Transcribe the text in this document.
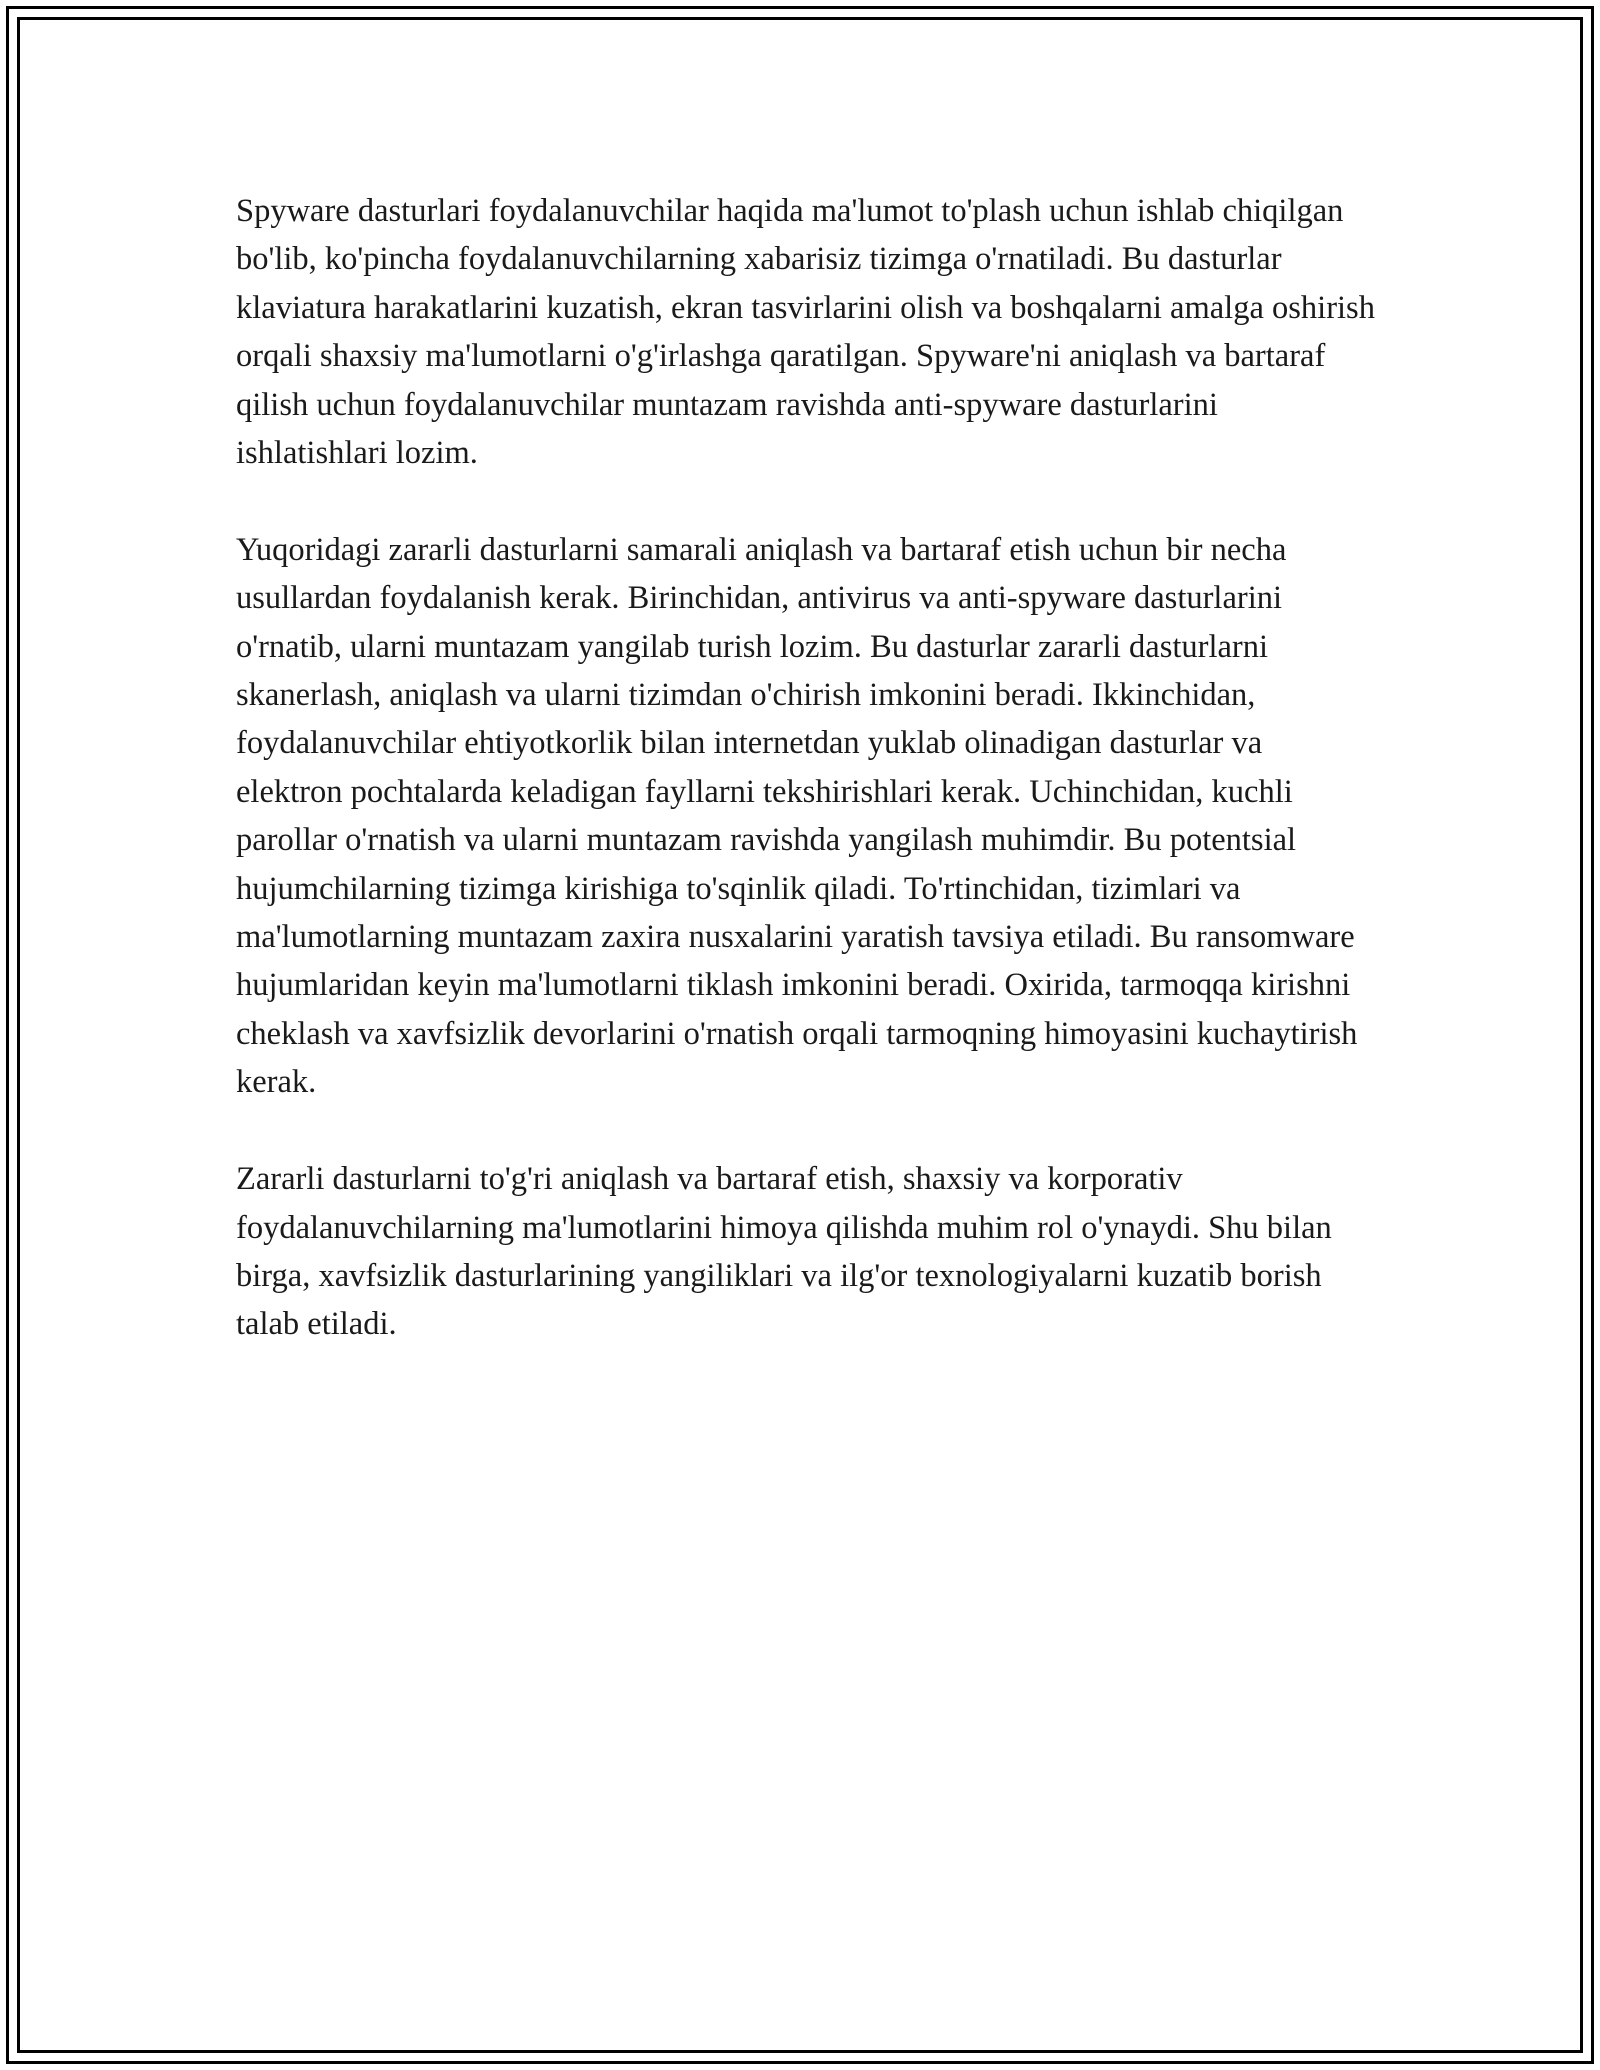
Spyware dasturlari foydalanuvchilar haqida ma'lumot to'plash uchun ishlab chiqilgan bo'lib, ko'pincha foydalanuvchilarning xabarisiz tizimga o'rnatiladi. Bu dasturlar klaviatura harakatlarini kuzatish, ekran tasvirlarini olish va boshqalarni amalga oshirish orqali shaxsiy ma'lumotlarni o'g'irlashga qaratilgan. Spyware'ni aniqlash va bartaraf qilish uchun foydalanuvchilar muntazam ravishda anti-spyware dasturlarini ishlatishlari lozim.

Yuqoridagi zararli dasturlarni samarali aniqlash va bartaraf etish uchun bir necha usullardan foydalanish kerak. Birinchidan, antivirus va anti-spyware dasturlarini o'rnatib, ularni muntazam yangilab turish lozim. Bu dasturlar zararli dasturlarni skanerlash, aniqlash va ularni tizimdan o'chirish imkonini beradi. Ikkinchidan, foydalanuvchilar ehtiyotkorlik bilan internetdan yuklab olinadigan dasturlar va elektron pochtalarda keladigan fayllarni tekshirishlari kerak. Uchinchidan, kuchli parollar o'rnatish va ularni muntazam ravishda yangilash muhimdir. Bu potentsial hujumchilarning tizimga kirishiga to'sqinlik qiladi. To'rtinchidan, tizimlari va ma'lumotlarning muntazam zaxira nusxalarini yaratish tavsiya etiladi. Bu ransomware hujumlaridan keyin ma'lumotlarni tiklash imkonini beradi. Oxirida, tarmoqqa kirishni cheklash va xavfsizlik devorlarini o'rnatish orqali tarmoqning himoyasini kuchaytirish kerak.

Zararli dasturlarni to'g'ri aniqlash va bartaraf etish, shaxsiy va korporativ foydalanuvchilarning ma'lumotlarini himoya qilishda muhim rol o'ynaydi. Shu bilan birga, xavfsizlik dasturlarining yangiliklari va ilg'or texnologiyalarni kuzatib borish talab etiladi.
